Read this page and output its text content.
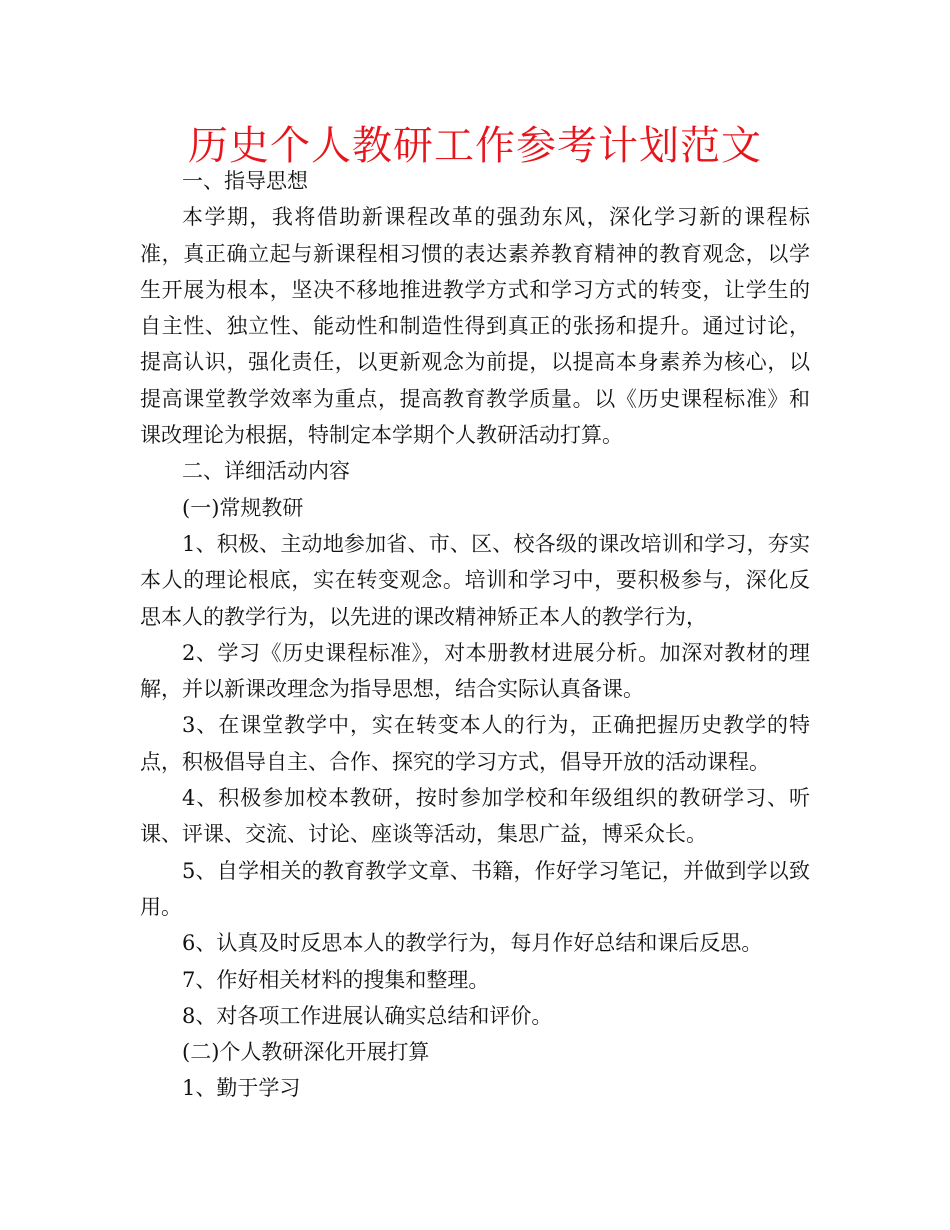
历史个人教研工作参考计划范文

一、指导思想

本学期，我将借助新课程改革的强劲东风，深化学习新的课程标准，真正确立起与新课程相习惯的表达素养教育精神的教育观念，以学生开展为根本，坚决不移地推进教学方式和学习方式的转变，让学生的自主性、独立性、能动性和制造性得到真正的张扬和提升。通过讨论，提高认识，强化责任，以更新观念为前提，以提高本身素养为核心，以提高课堂教学效率为重点，提高教育教学质量。以《历史课程标准》和课改理论为根据，特制定本学期个人教研活动打算。

二、详细活动内容

(一)常规教研

1、积极、主动地参加省、市、区、校各级的课改培训和学习，夯实本人的理论根底，实在转变观念。培训和学习中，要积极参与，深化反思本人的教学行为，以先进的课改精神矫正本人的教学行为，

2、学习《历史课程标准》，对本册教材进展分析。加深对教材的理解，并以新课改理念为指导思想，结合实际认真备课。

3、在课堂教学中，实在转变本人的行为，正确把握历史教学的特点，积极倡导自主、合作、探究的学习方式，倡导开放的活动课程。

4、积极参加校本教研，按时参加学校和年级组织的教研学习、听课、评课、交流、讨论、座谈等活动，集思广益，博采众长。

5、自学相关的教育教学文章、书籍，作好学习笔记，并做到学以致用。

6、认真及时反思本人的教学行为，每月作好总结和课后反思。

7、作好相关材料的搜集和整理。

8、对各项工作进展认确实总结和评价。

(二)个人教研深化开展打算

1、勤于学习
